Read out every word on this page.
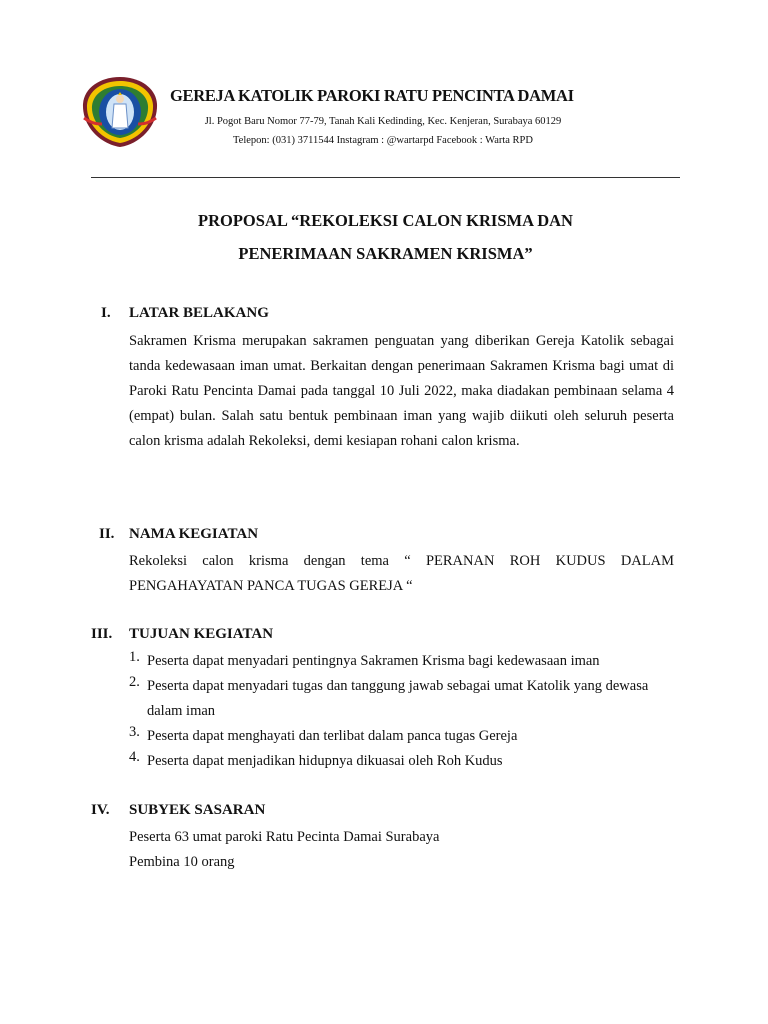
GEREJA KATOLIK PAROKI RATU PENCINTA DAMAI
Jl. Pogot Baru Nomor 77-79, Tanah Kali Kedinding, Kec. Kenjeran, Surabaya 60129
Telepon: (031) 3711544 Instagram : @wartarpd Facebook : Warta RPD
PROPOSAL “REKOLEKSI CALON KRISMA DAN
PENERIMAAN SAKRAMEN KRISMA”
I. LATAR BELAKANG
Sakramen Krisma merupakan sakramen penguatan yang diberikan Gereja Katolik sebagai tanda kedewasaan iman umat. Berkaitan dengan penerimaan Sakramen Krisma bagi umat di Paroki Ratu Pencinta Damai pada tanggal 10 Juli 2022, maka diadakan pembinaan selama 4 (empat) bulan. Salah satu bentuk pembinaan iman yang wajib diikuti oleh seluruh peserta calon krisma adalah Rekoleksi, demi kesiapan rohani calon krisma.
II. NAMA KEGIATAN
Rekoleksi calon krisma dengan tema “ PERANAN ROH KUDUS DALAM PENGAHAYATAN PANCA TUGAS GEREJA “
III. TUJUAN KEGIATAN
1. Peserta dapat menyadari pentingnya Sakramen Krisma bagi kedewasaan iman
2. Peserta dapat menyadari tugas dan tanggung jawab sebagai umat Katolik yang dewasa dalam iman
3. Peserta dapat menghayati dan terlibat dalam panca tugas Gereja
4. Peserta dapat menjadikan hidupnya dikuasai oleh Roh Kudus
IV. SUBYEK SASARAN
Peserta 63 umat paroki Ratu Pecinta Damai Surabaya
Pembina 10 orang
